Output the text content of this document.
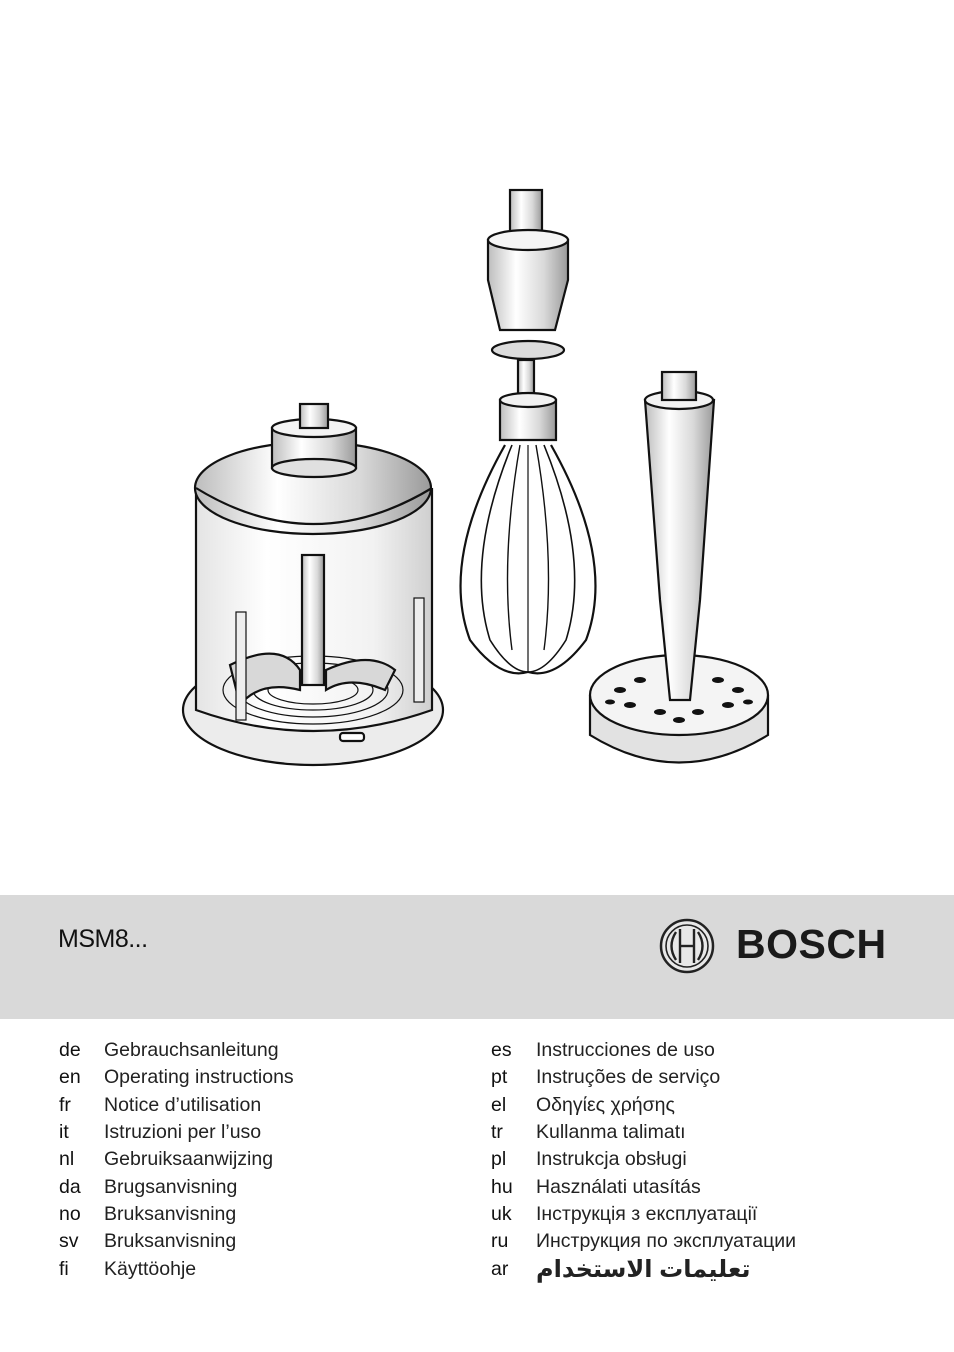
MSM8...	BOSCH
de	Gebrauchsanleitung
en	Operating instructions
fr	Notice d’utilisation
it	Istruzioni per l’uso
nl	Gebruiksaanwijzing
da	Brugsanvisning
no	Bruksanvisning
sv	Bruksanvisning
fi	Käyttöohje
es	Instrucciones de uso
pt	Instruções de serviço
el	Οδηγίες χρήσης
tr	Kullanma talimatı
pl	Instrukcja obsługi
hu	Használati utasítás
uk	Інструкція з експлуатації
ru	Инструкция по эксплуатации
ar	تعليمات الاستخدام
